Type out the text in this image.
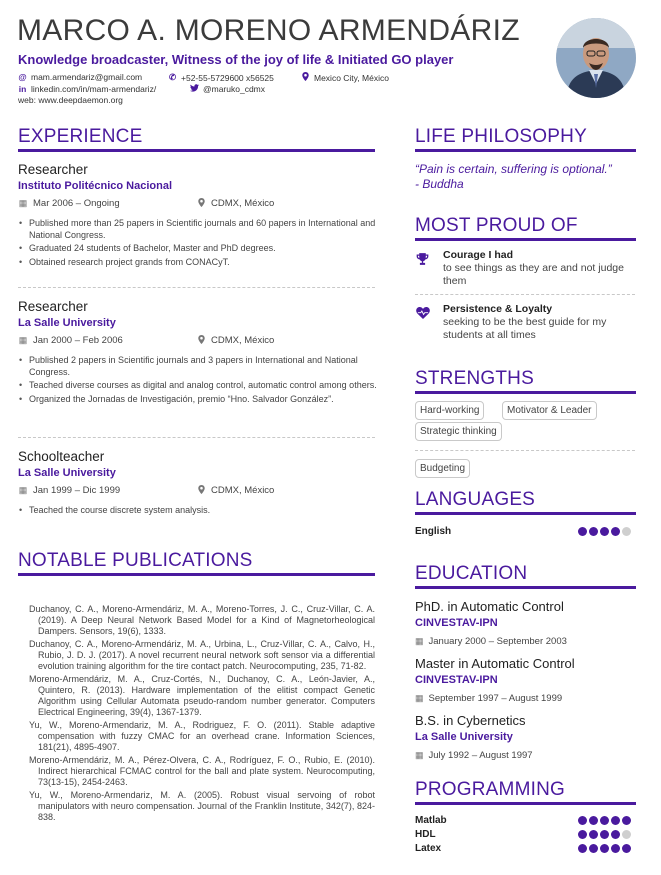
MARCO A. MORENO ARMENDÁRIZ
Knowledge broadcaster, Witness of the joy of life & Initiated GO player
@ mam.armendariz@gmail.com	✆ +52-55-5729600 x56525	Mexico City, México
in linkedin.com/in/mam-armendariz/	@maruko_cdmx
web: www.deepdaemon.org
EXPERIENCE
Researcher
Instituto Politécnico Nacional
▦ Mar 2006 – Ongoing	CDMX, México
• Published more than 25 papers in Scientific journals and 60 papers in International and National Congress.
• Graduated 24 students of Bachelor, Master and PhD degrees.
• Obtained research project grands from CONACyT.
Researcher
La Salle University
▦ Jan 2000 – Feb 2006	CDMX, México
• Published 2 papers in Scientific journals and 3 papers in International and National Congress.
• Teached diverse courses as digital and analog control, automatic control among others.
• Organized the Jornadas de Investigación, premio “Hno. Salvador González”.
Schoolteacher
La Salle University
▦ Jan 1999 – Dic 1999	CDMX, México
• Teached the course discrete system analysis.
NOTABLE PUBLICATIONS
Duchanoy, C. A., Moreno-Armendáriz, M. A., Moreno-Torres, J. C., Cruz-Villar, C. A. (2019). A Deep Neural Network Based Model for a Kind of Magnetorheological Dampers. Sensors, 19(6), 1333.
Duchanoy, C. A., Moreno-Armendáriz, M. A., Urbina, L., Cruz-Villar, C. A., Calvo, H., Rubio, J. D. J. (2017). A novel recurrent neural network soft sensor via a differential evolution training algorithm for the tire contact patch. Neurocomputing, 235, 71-82.
Moreno-Armendáriz, M. A., Cruz-Cortés, N., Duchanoy, C. A., León-Javier, A., Quintero, R. (2013). Hardware implementation of the elitist compact Genetic Algorithm using Cellular Automata pseudo-random number generator. Computers Electrical Engineering, 39(4), 1367-1379.
Yu, W., Moreno-Armendariz, M. A., Rodriguez, F. O. (2011). Stable adaptive compensation with fuzzy CMAC for an overhead crane. Information Sciences, 181(21), 4895-4907.
Moreno-Armendáriz, M. A., Pérez-Olvera, C. A., Rodríguez, F. O., Rubio, E. (2010). Indirect hierarchical FCMAC control for the ball and plate system. Neurocomputing, 73(13-15), 2454-2463.
Yu, W., Moreno-Armendariz, M. A. (2005). Robust visual servoing of robot manipulators with neuro compensation. Journal of the Franklin Institute, 342(7), 824-838.
LIFE PHILOSOPHY
“Pain is certain, suffering is optional.”
- Buddha
MOST PROUD OF
Courage I had
to see things as they are and not judge them
Persistence & Loyalty
seeking to be the best guide for my students at all times
STRENGTHS
Hard-working	Motivator & Leader
Strategic thinking
Budgeting
LANGUAGES
English
EDUCATION
PhD. in Automatic Control
CINVESTAV-IPN
▦ January 2000 – September 2003
Master in Automatic Control
CINVESTAV-IPN
▦ September 1997 – August 1999
B.S. in Cybernetics
La Salle University
▦ July 1992 – August 1997
PROGRAMMING
Matlab
HDL
Latex
